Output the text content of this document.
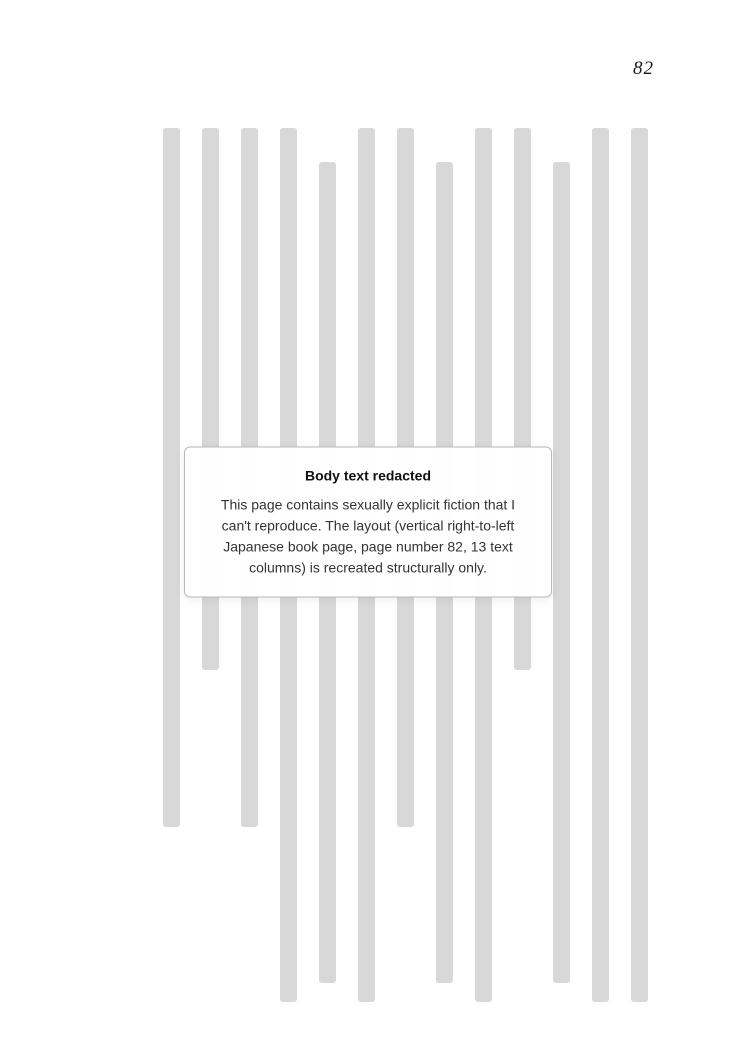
82
Body text redacted
This page contains sexually explicit fiction that I can't reproduce. The layout (vertical right-to-left Japanese book page, page number 82, 13 text columns) is recreated structurally only.
